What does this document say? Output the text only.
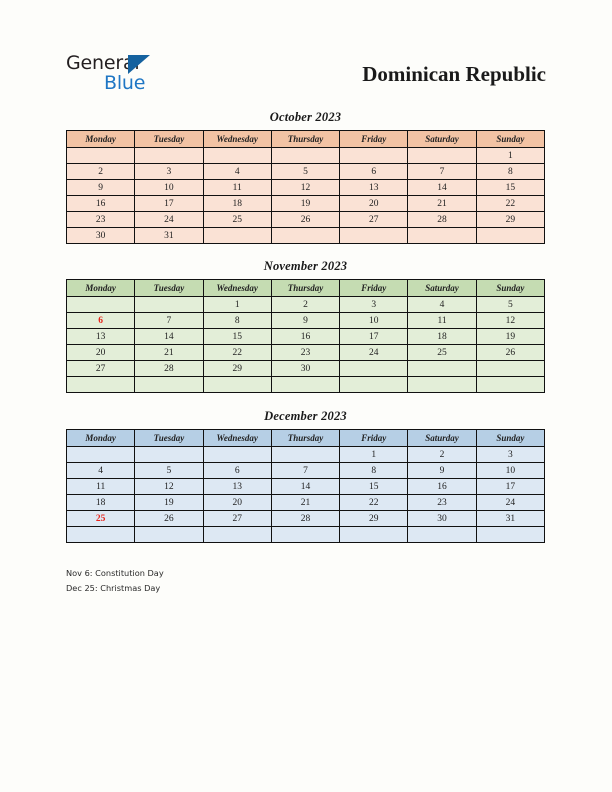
General
Blue	Dominican Republic
October 2023
Monday	Tuesday	Wednesday	Thursday	Friday	Saturday	Sunday
						1
2	3	4	5	6	7	8
9	10	11	12	13	14	15
16	17	18	19	20	21	22
23	24	25	26	27	28	29
30	31					
November 2023
Monday	Tuesday	Wednesday	Thursday	Friday	Saturday	Sunday
		1	2	3	4	5
6	7	8	9	10	11	12
13	14	15	16	17	18	19
20	21	22	23	24	25	26
27	28	29	30			

December 2023
Monday	Tuesday	Wednesday	Thursday	Friday	Saturday	Sunday
				1	2	3
4	5	6	7	8	9	10
11	12	13	14	15	16	17
18	19	20	21	22	23	24
25	26	27	28	29	30	31

Nov 6: Constitution Day
Dec 25: Christmas Day
